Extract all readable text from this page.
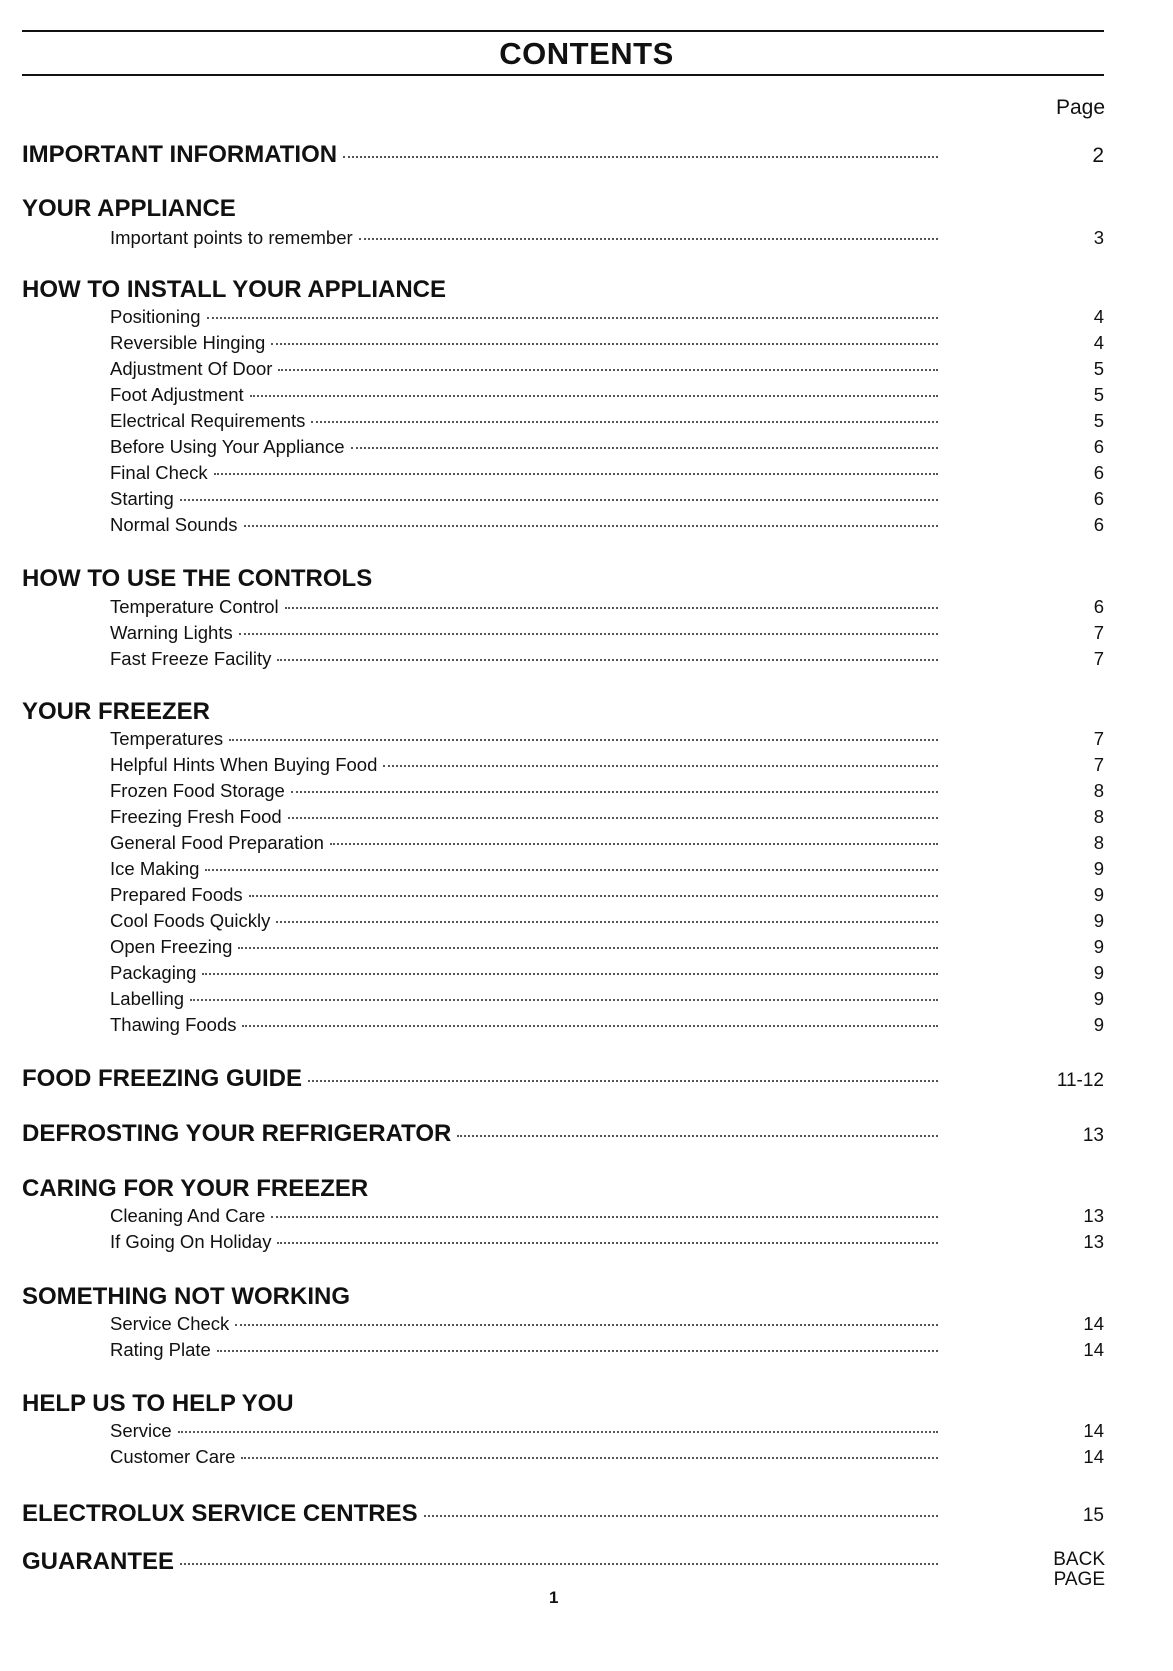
CONTENTS
Page
IMPORTANT INFORMATION	2
YOUR APPLIANCE
Important points to remember	3
HOW TO INSTALL YOUR APPLIANCE
Positioning	4
Reversible Hinging	4
Adjustment Of Door	5
Foot Adjustment	5
Electrical Requirements	5
Before Using Your Appliance	6
Final Check	6
Starting	6
Normal Sounds	6
HOW TO USE THE CONTROLS
Temperature Control	6
Warning Lights	7
Fast Freeze Facility	7
YOUR FREEZER
Temperatures	7
Helpful Hints When Buying Food	7
Frozen Food Storage	8
Freezing Fresh Food	8
General Food Preparation	8
Ice Making	9
Prepared Foods	9
Cool Foods Quickly	9
Open Freezing	9
Packaging	9
Labelling	9
Thawing Foods	9
FOOD FREEZING GUIDE	11-12
DEFROSTING YOUR REFRIGERATOR	13
CARING FOR YOUR FREEZER
Cleaning And Care	13
If Going On Holiday	13
SOMETHING NOT WORKING
Service Check	14
Rating Plate	14
HELP US TO HELP YOU
Service	14
Customer Care	14
ELECTROLUX SERVICE CENTRES	15
GUARANTEE	BACK
PAGE
1
